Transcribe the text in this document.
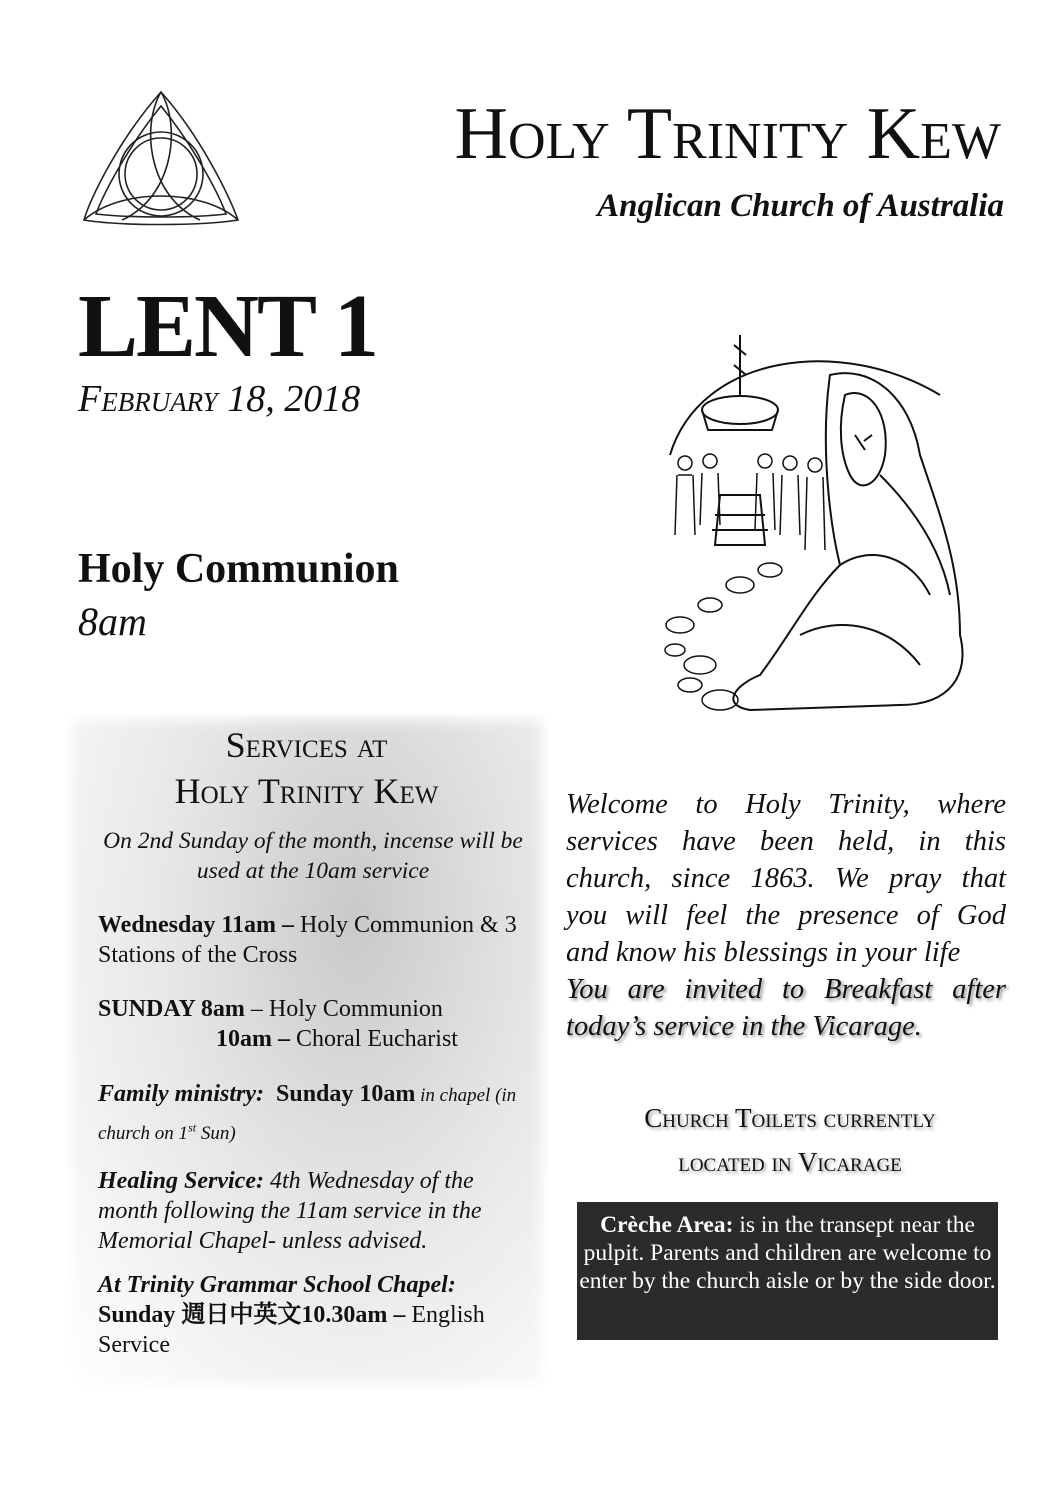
Holy Trinity Kew
Anglican Church of Australia
LENT 1
February 18, 2018
Holy Communion
8am
Services at
Holy Trinity Kew
On 2nd Sunday of the month, incense will be used at the 10am service
Wednesday 11am – Holy Communion & 3 Stations of the Cross
SUNDAY 8am – Holy Communion
10am – Choral Eucharist
Family ministry: Sunday 10am in chapel (in church on 1st Sun)
Healing Service: 4th Wednesday of the month following the 11am service in the Memorial Chapel- unless advised.
At Trinity Grammar School Chapel:
Sunday 週日中英文10.30am – English Service
Welcome to Holy Trinity, where
services have been held, in this
church, since 1863. We pray that
you will feel the presence of God
and know his blessings in your life
You are invited to Breakfast after
today’s service in the Vicarage.
Church Toilets currently
located in Vicarage
Crèche Area: is in the transept near the pulpit. Parents and children are welcome to enter by the church aisle or by the side door.
